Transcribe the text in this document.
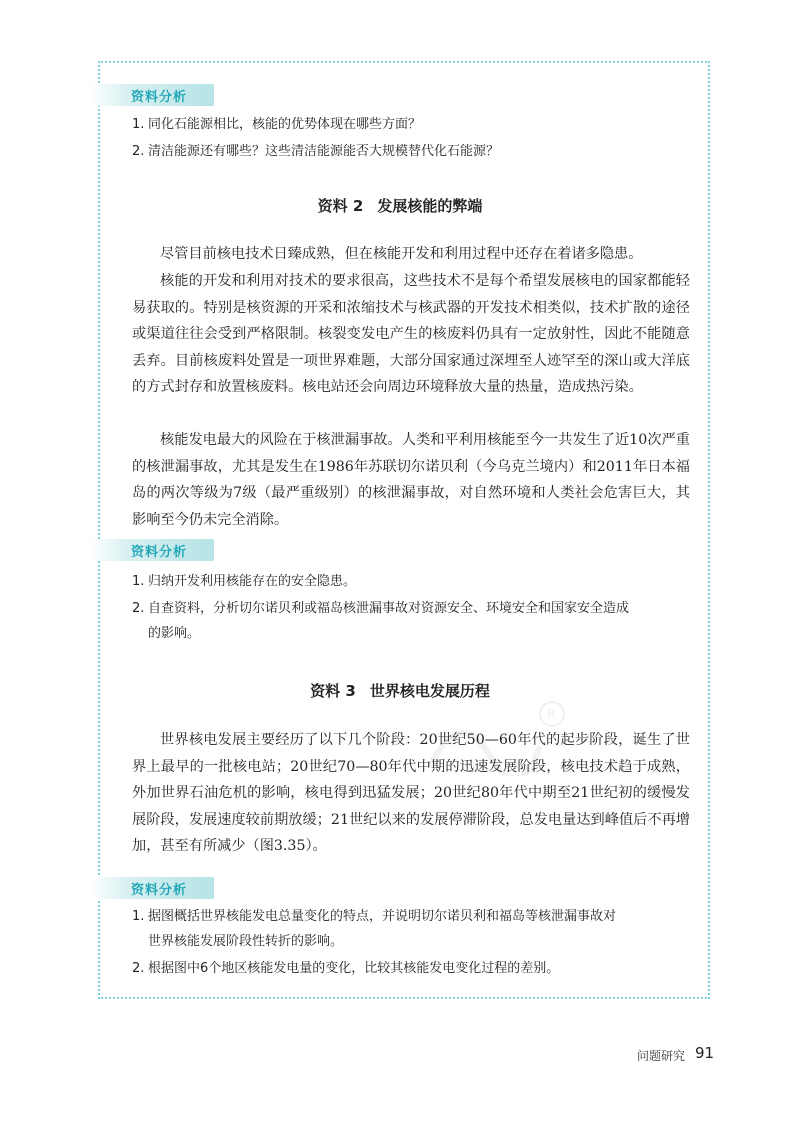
R
资料分析
1. 同化石能源相比，核能的优势体现在哪些方面？
2. 清洁能源还有哪些？这些清洁能源能否大规模替代化石能源？
资料 2 发展核能的弊端
尽管目前核电技术日臻成熟，但在核能开发和利用过程中还存在着诸多隐患。
核能的开发和利用对技术的要求很高，这些技术不是每个希望发展核电的国家都能轻易获取的。特别是核资源的开采和浓缩技术与核武器的开发技术相类似，技术扩散的途径或渠道往往会受到严格限制。核裂变发电产生的核废料仍具有一定放射性，因此不能随意丢弃。目前核废料处置是一项世界难题，大部分国家通过深埋至人迹罕至的深山或大洋底的方式封存和放置核废料。核电站还会向周边环境释放大量的热量，造成热污染。
核能发电最大的风险在于核泄漏事故。人类和平利用核能至今一共发生了近10次严重的核泄漏事故，尤其是发生在1986年苏联切尔诺贝利（今乌克兰境内）和2011年日本福岛的两次等级为7级（最严重级别）的核泄漏事故，对自然环境和人类社会危害巨大，其影响至今仍未完全消除。
资料分析
1. 归纳开发利用核能存在的安全隐患。
2. 自查资料，分析切尔诺贝利或福岛核泄漏事故对资源安全、环境安全和国家安全造成
的影响。
资料 3 世界核电发展历程
世界核电发展主要经历了以下几个阶段：20世纪50—60年代的起步阶段，诞生了世界上最早的一批核电站；20世纪70—80年代中期的迅速发展阶段，核电技术趋于成熟，外加世界石油危机的影响，核电得到迅猛发展；20世纪80年代中期至21世纪初的缓慢发展阶段，发展速度较前期放缓；21世纪以来的发展停滞阶段，总发电量达到峰值后不再增加，甚至有所减少（图3.35）。
资料分析
1. 据图概括世界核能发电总量变化的特点，并说明切尔诺贝利和福岛等核泄漏事故对
世界核能发展阶段性转折的影响。
2. 根据图中6个地区核能发电量的变化，比较其核能发电变化过程的差别。
问题研究 91
